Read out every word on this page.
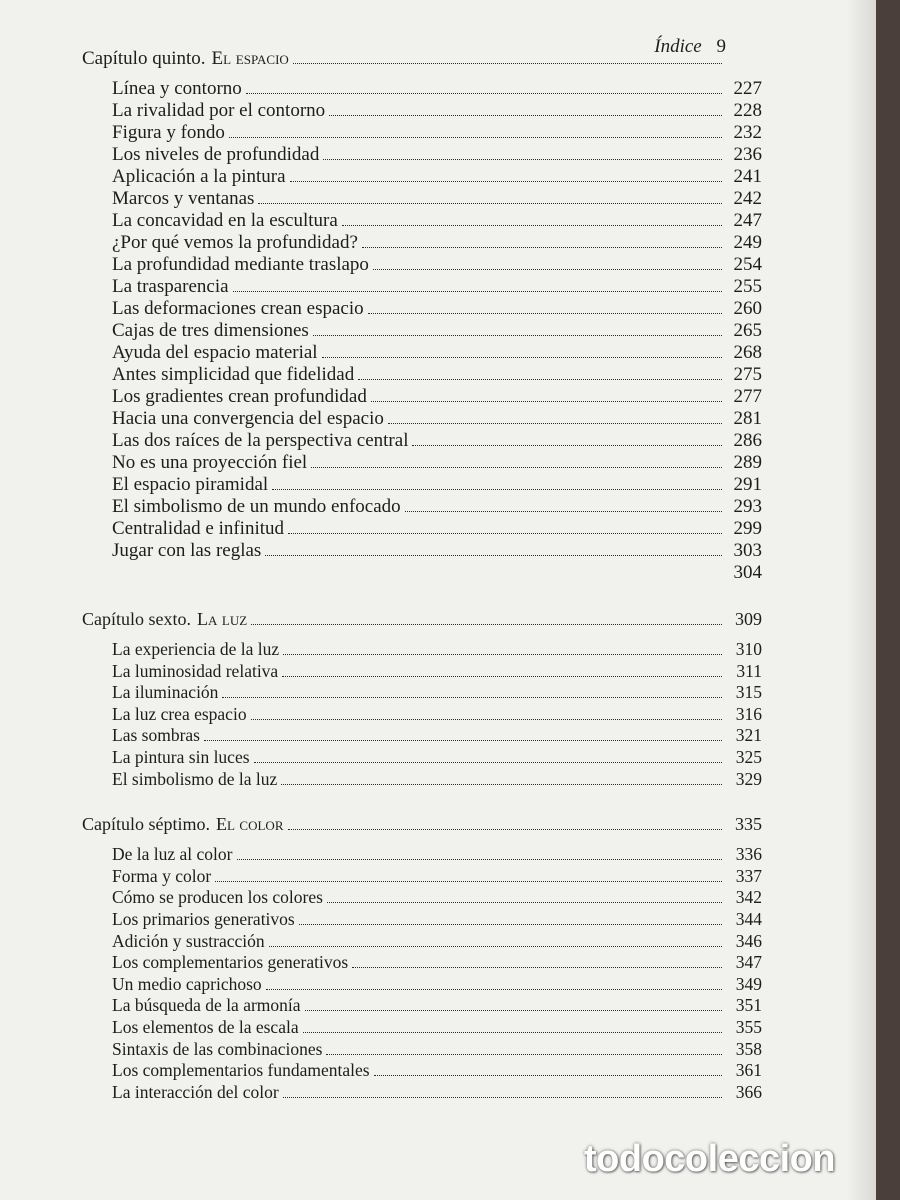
Índice 9
Capítulo quinto. El espacio
Línea y contorno	227
La rivalidad por el contorno	228
Figura y fondo	232
Los niveles de profundidad	236
Aplicación a la pintura	241
Marcos y ventanas	242
La concavidad en la escultura	247
¿Por qué vemos la profundidad?	249
La profundidad mediante traslapo	254
La trasparencia	255
Las deformaciones crean espacio	260
Cajas de tres dimensiones	265
Ayuda del espacio material	268
Antes simplicidad que fidelidad	275
Los gradientes crean profundidad	277
Hacia una convergencia del espacio	281
Las dos raíces de la perspectiva central	286
No es una proyección fiel	289
El espacio piramidal	291
El simbolismo de un mundo enfocado	293
Centralidad e infinitud	299
Jugar con las reglas	303
304
Capítulo sexto. La luz	309
La experiencia de la luz	310
La luminosidad relativa	311
La iluminación	315
La luz crea espacio	316
Las sombras	321
La pintura sin luces	325
El simbolismo de la luz	329
Capítulo séptimo. El color	335
De la luz al color	336
Forma y color	337
Cómo se producen los colores	342
Los primarios generativos	344
Adición y sustracción	346
Los complementarios generativos	347
Un medio caprichoso	349
La búsqueda de la armonía	351
Los elementos de la escala	355
Sintaxis de las combinaciones	358
Los complementarios fundamentales	361
La interacción del color	366
todocoleccion
